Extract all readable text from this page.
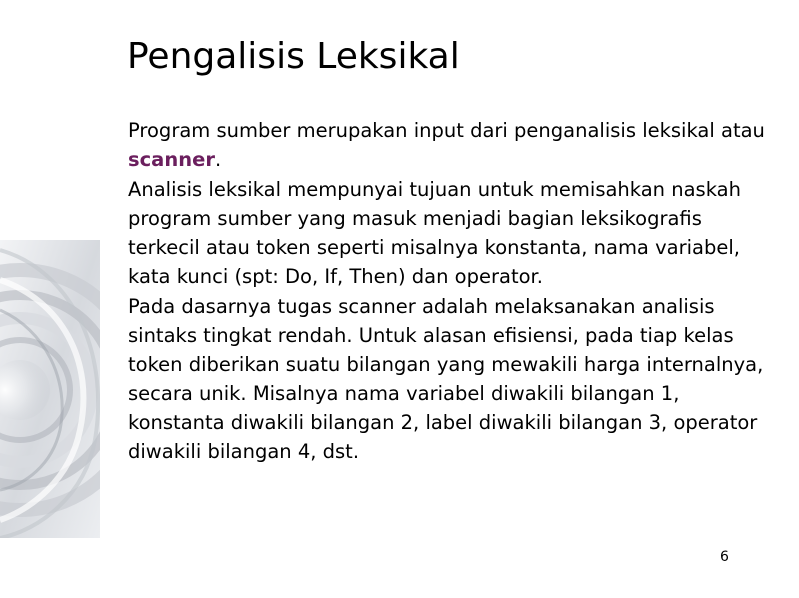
Pengalisis Leksikal

Program sumber merupakan input dari penganalisis leksikal atau scanner.

Analisis leksikal mempunyai tujuan untuk memisahkan naskah program sumber yang masuk menjadi bagian leksikografis terkecil atau token seperti misalnya konstanta, nama variabel, kata kunci (spt: Do, If, Then) dan operator.

Pada dasarnya tugas scanner adalah melaksanakan analisis sintaks tingkat rendah. Untuk alasan efisiensi, pada tiap kelas token diberikan suatu bilangan yang mewakili harga internalnya, secara unik. Misalnya nama variabel diwakili bilangan 1, konstanta diwakili bilangan 2, label diwakili bilangan 3, operator diwakili bilangan 4, dst.

6
